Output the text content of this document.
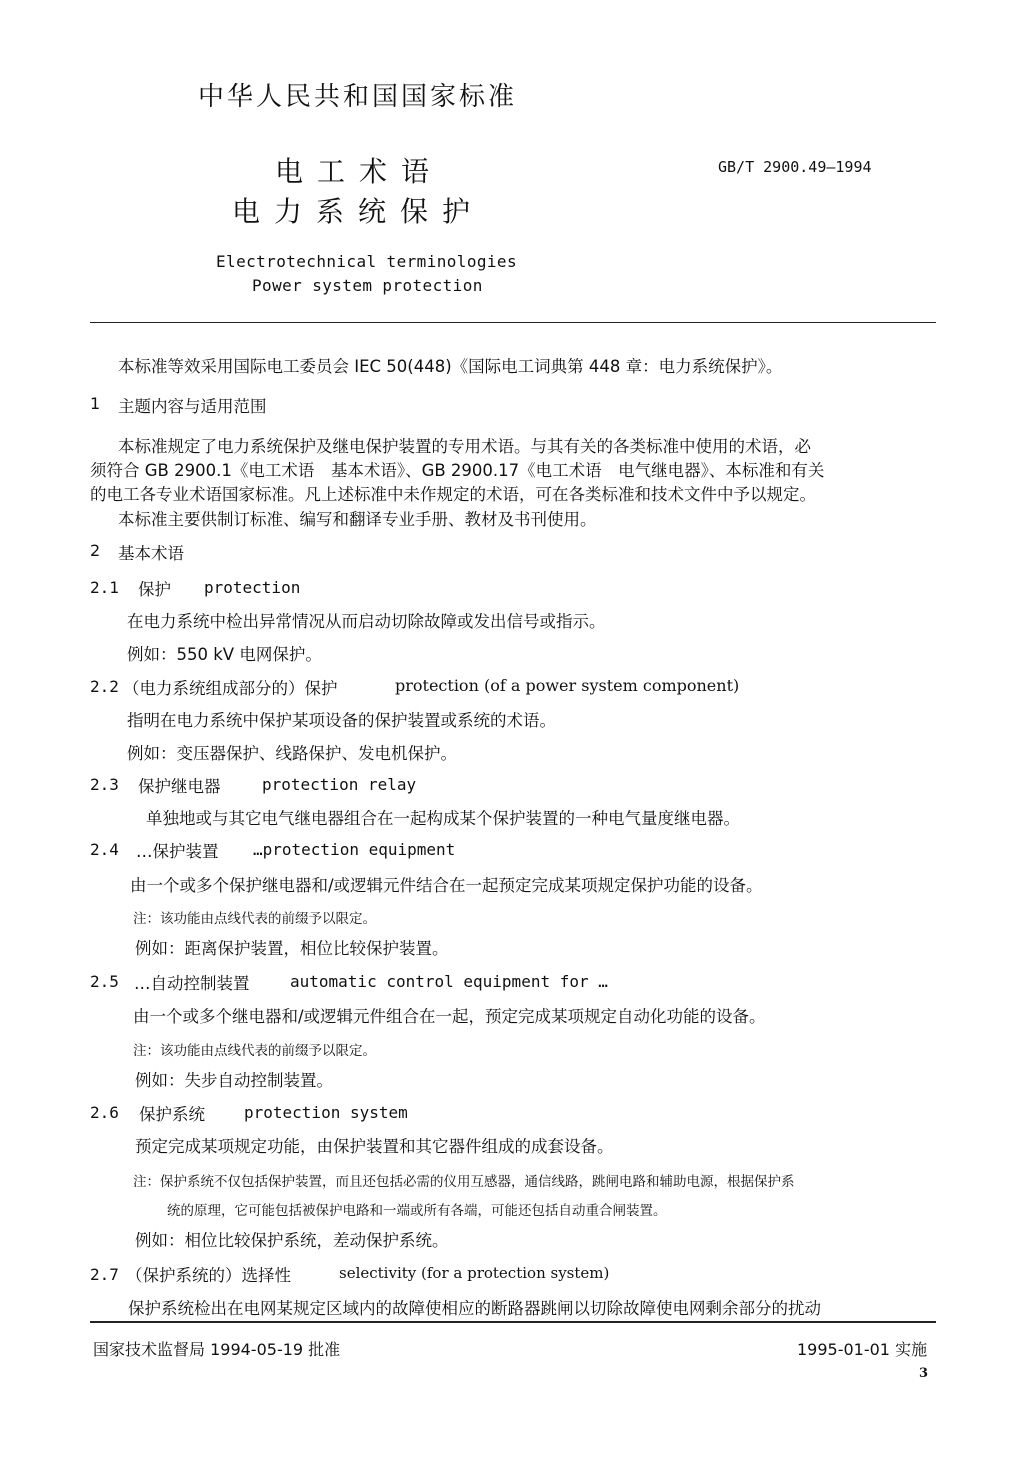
中华人民共和国国家标准
电工术语
电力系统保护
GB/T 2900.49—1994
Electrotechnical terminologies
Power system protection
本标准等效采用国际电工委员会 IEC 50(448)《国际电工词典第 448 章：电力系统保护》。
1 主题内容与适用范围
本标准规定了电力系统保护及继电保护装置的专用术语。与其有关的各类标准中使用的术语，必
须符合 GB 2900.1《电工术语　基本术语》、GB 2900.17《电工术语　电气继电器》、本标准和有关
的电工各专业术语国家标准。凡上述标准中未作规定的术语，可在各类标准和技术文件中予以规定。
本标准主要供制订标准、编写和翻译专业手册、教材及书刊使用。
2 基本术语
2.1 保护 protection
在电力系统中检出异常情况从而启动切除故障或发出信号或指示。
例如：550 kV 电网保护。
2.2 （电力系统组成部分的）保护	protection (of a power system component)
指明在电力系统中保护某项设备的保护装置或系统的术语。
例如：变压器保护、线路保护、发电机保护。
2.3 保护继电器	protection relay
单独地或与其它电气继电器组合在一起构成某个保护装置的一种电气量度继电器。
2.4 …保护装置 …protection equipment
由一个或多个保护继电器和/或逻辑元件结合在一起预定完成某项规定保护功能的设备。
注：该功能由点线代表的前缀予以限定。
例如：距离保护装置，相位比较保护装置。
2.5 …自动控制装置	automatic control equipment for …
由一个或多个继电器和/或逻辑元件组合在一起，预定完成某项规定自动化功能的设备。
注：该功能由点线代表的前缀予以限定。
例如：失步自动控制装置。
2.6 保护系统 protection system
预定完成某项规定功能，由保护装置和其它器件组成的成套设备。
注：保护系统不仅包括保护装置，而且还包括必需的仪用互感器，通信线路，跳闸电路和辅助电源，根据保护系
统的原理，它可能包括被保护电路和一端或所有各端，可能还包括自动重合闸装置。
例如：相位比较保护系统，差动保护系统。
2.7 （保护系统的）选择性	selectivity (for a protection system)
保护系统检出在电网某规定区域内的故障使相应的断路器跳闸以切除故障使电网剩余部分的扰动
国家技术监督局 1994-05-19 批准	1995-01-01 实施
3
